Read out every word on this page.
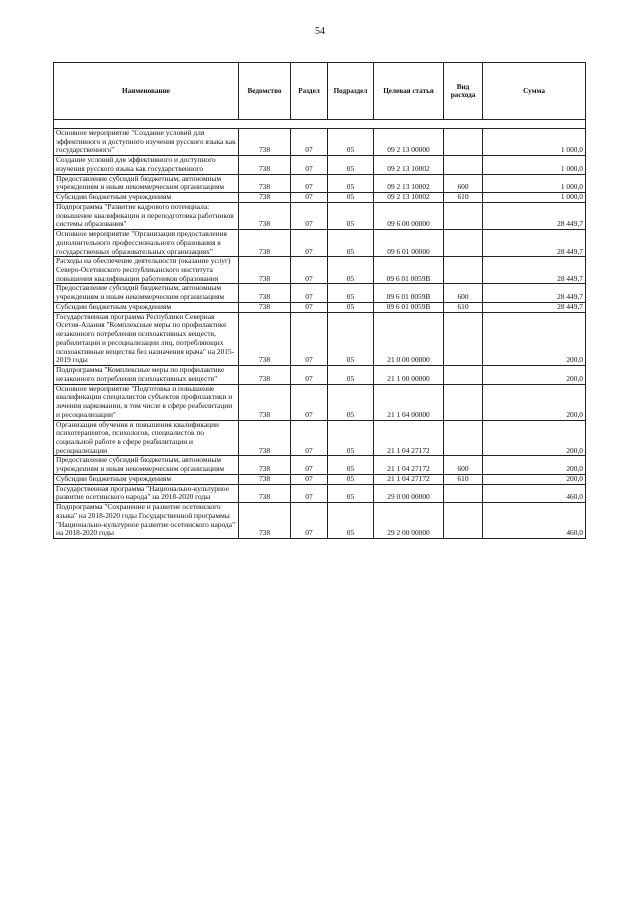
54
Наименование	Ведомство	Раздел	Подраздел	Целевая статья	Вид расхода	Сумма

Основное мероприятие "Создание условий для эффективного и доступного изучения русского языка как государственного"	738	07	05	09 2 13 00000		1 000,0
Создание условий для эффективного и доступного изучения русского языка как государственного	738	07	05	09 2 13 10002		1 000,0
Предоставление субсидий бюджетным, автономным учреждениям и иным некоммерческим организациям	738	07	05	09 2 13 10002	600	1 000,0
Субсидии бюджетным учреждениям	738	07	05	09 2 13 10002	610	1 000,0
Подпрограмма "Развитие кадрового потенциала: повышение квалификации и переподготовка работников системы образования"	738	07	05	09 6 00 00000		28 449,7
Основное мероприятие "Организация предоставления дополнительного профессионального образования в государственных образовательных организациях"	738	07	05	09 6 01 00000		28 449,7
Расходы на обеспечение деятельности (оказание услуг) Северо-Осетинского республиканского института повышения квалификации работников образования	738	07	05	09 6 01 0059В		28 449,7
Предоставление субсидий бюджетным, автономным учреждениям и иным некоммерческим организациям	738	07	05	09 6 01 0059В	600	28 449,7
Субсидии бюджетным учреждениям	738	07	05	09 6 01 0059В	610	28 449,7
Государственная программа Республики Северная Осетия-Алания "Комплексные меры по профилактике незаконного потребления психоактивных веществ, реабилитации и ресоциализации лиц, потребляющих психоактивные вещества без назначения врача" на 2015-2019 годы	738	07	05	21 0 00 00000		200,0
Подпрограмма "Комплексные меры по профилактике незаконного потребления психоактивных веществ"	738	07	05	21 1 00 00000		200,0
Основное мероприятие "Подготовка и повышение квалификации специалистов субъектов профилактики и лечения наркомании, в том числе в сфере реабилитации и ресоциализации"	738	07	05	21 1 04 00000		200,0
Организация обучения и повышения квалификации психотерапевтов, психологов, специалистов по социальной работе в сфере реабилитации и ресоциализации	738	07	05	21 1 04 27172		200,0
Предоставление субсидий бюджетным, автономным учреждениям и иным некоммерческим организациям	738	07	05	21 1 04 27172	600	200,0
Субсидии бюджетным учреждениям	738	07	05	21 1 04 27172	610	200,0
Государственная программа "Национально-культурное развитие осетинского народа" на 2018-2020 годы	738	07	05	29 0 00 00000		460,0
Подпрограмма "Сохранение и развитие осетинского языка" на 2018-2020 годы Государственной программы "Национально-культурное развитие осетинского народа" на 2018-2020 годы	738	07	05	29 2 00 00000		460,0
